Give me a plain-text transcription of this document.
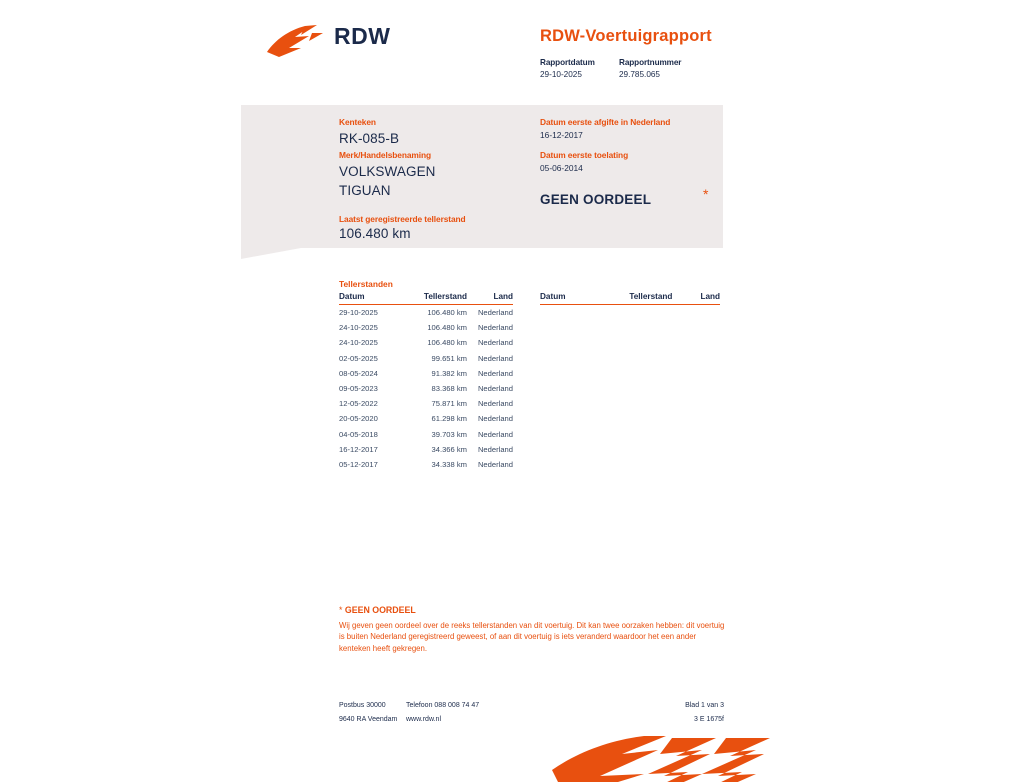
RDW	RDW-Voertuigrapport
Rapportdatum
29-10-2025
Rapportnummer
29.785.065
Kenteken
RK-085-B
Merk/Handelsbenaming
VOLKSWAGEN
TIGUAN
Laatst geregistreerde tellerstand
106.480 km
Datum eerste afgifte in Nederland
16-12-2017
Datum eerste toelating
05-06-2014
GEEN OORDEEL	*
Tellerstanden
Datum	Tellerstand	Land
29-10-2025	106.480 km	Nederland
24-10-2025	106.480 km	Nederland
24-10-2025	106.480 km	Nederland
02-05-2025	99.651 km	Nederland
08-05-2024	91.382 km	Nederland
09-05-2023	83.368 km	Nederland
12-05-2022	75.871 km	Nederland
20-05-2020	61.298 km	Nederland
04-05-2018	39.703 km	Nederland
16-12-2017	34.366 km	Nederland
05-12-2017	34.338 km	Nederland
Datum	Tellerstand	Land
* GEEN OORDEEL
Wij geven geen oordeel over de reeks tellerstanden van dit voertuig. Dit kan twee oorzaken hebben: dit voertuig is buiten Nederland geregistreerd geweest, of aan dit voertuig is iets veranderd waardoor het een ander kenteken heeft gekregen.
Postbus 30000	Telefoon 088 008 74 47
9640 RA Veendam	www.rdw.nl
Blad 1 van 3
3 E 1675f
